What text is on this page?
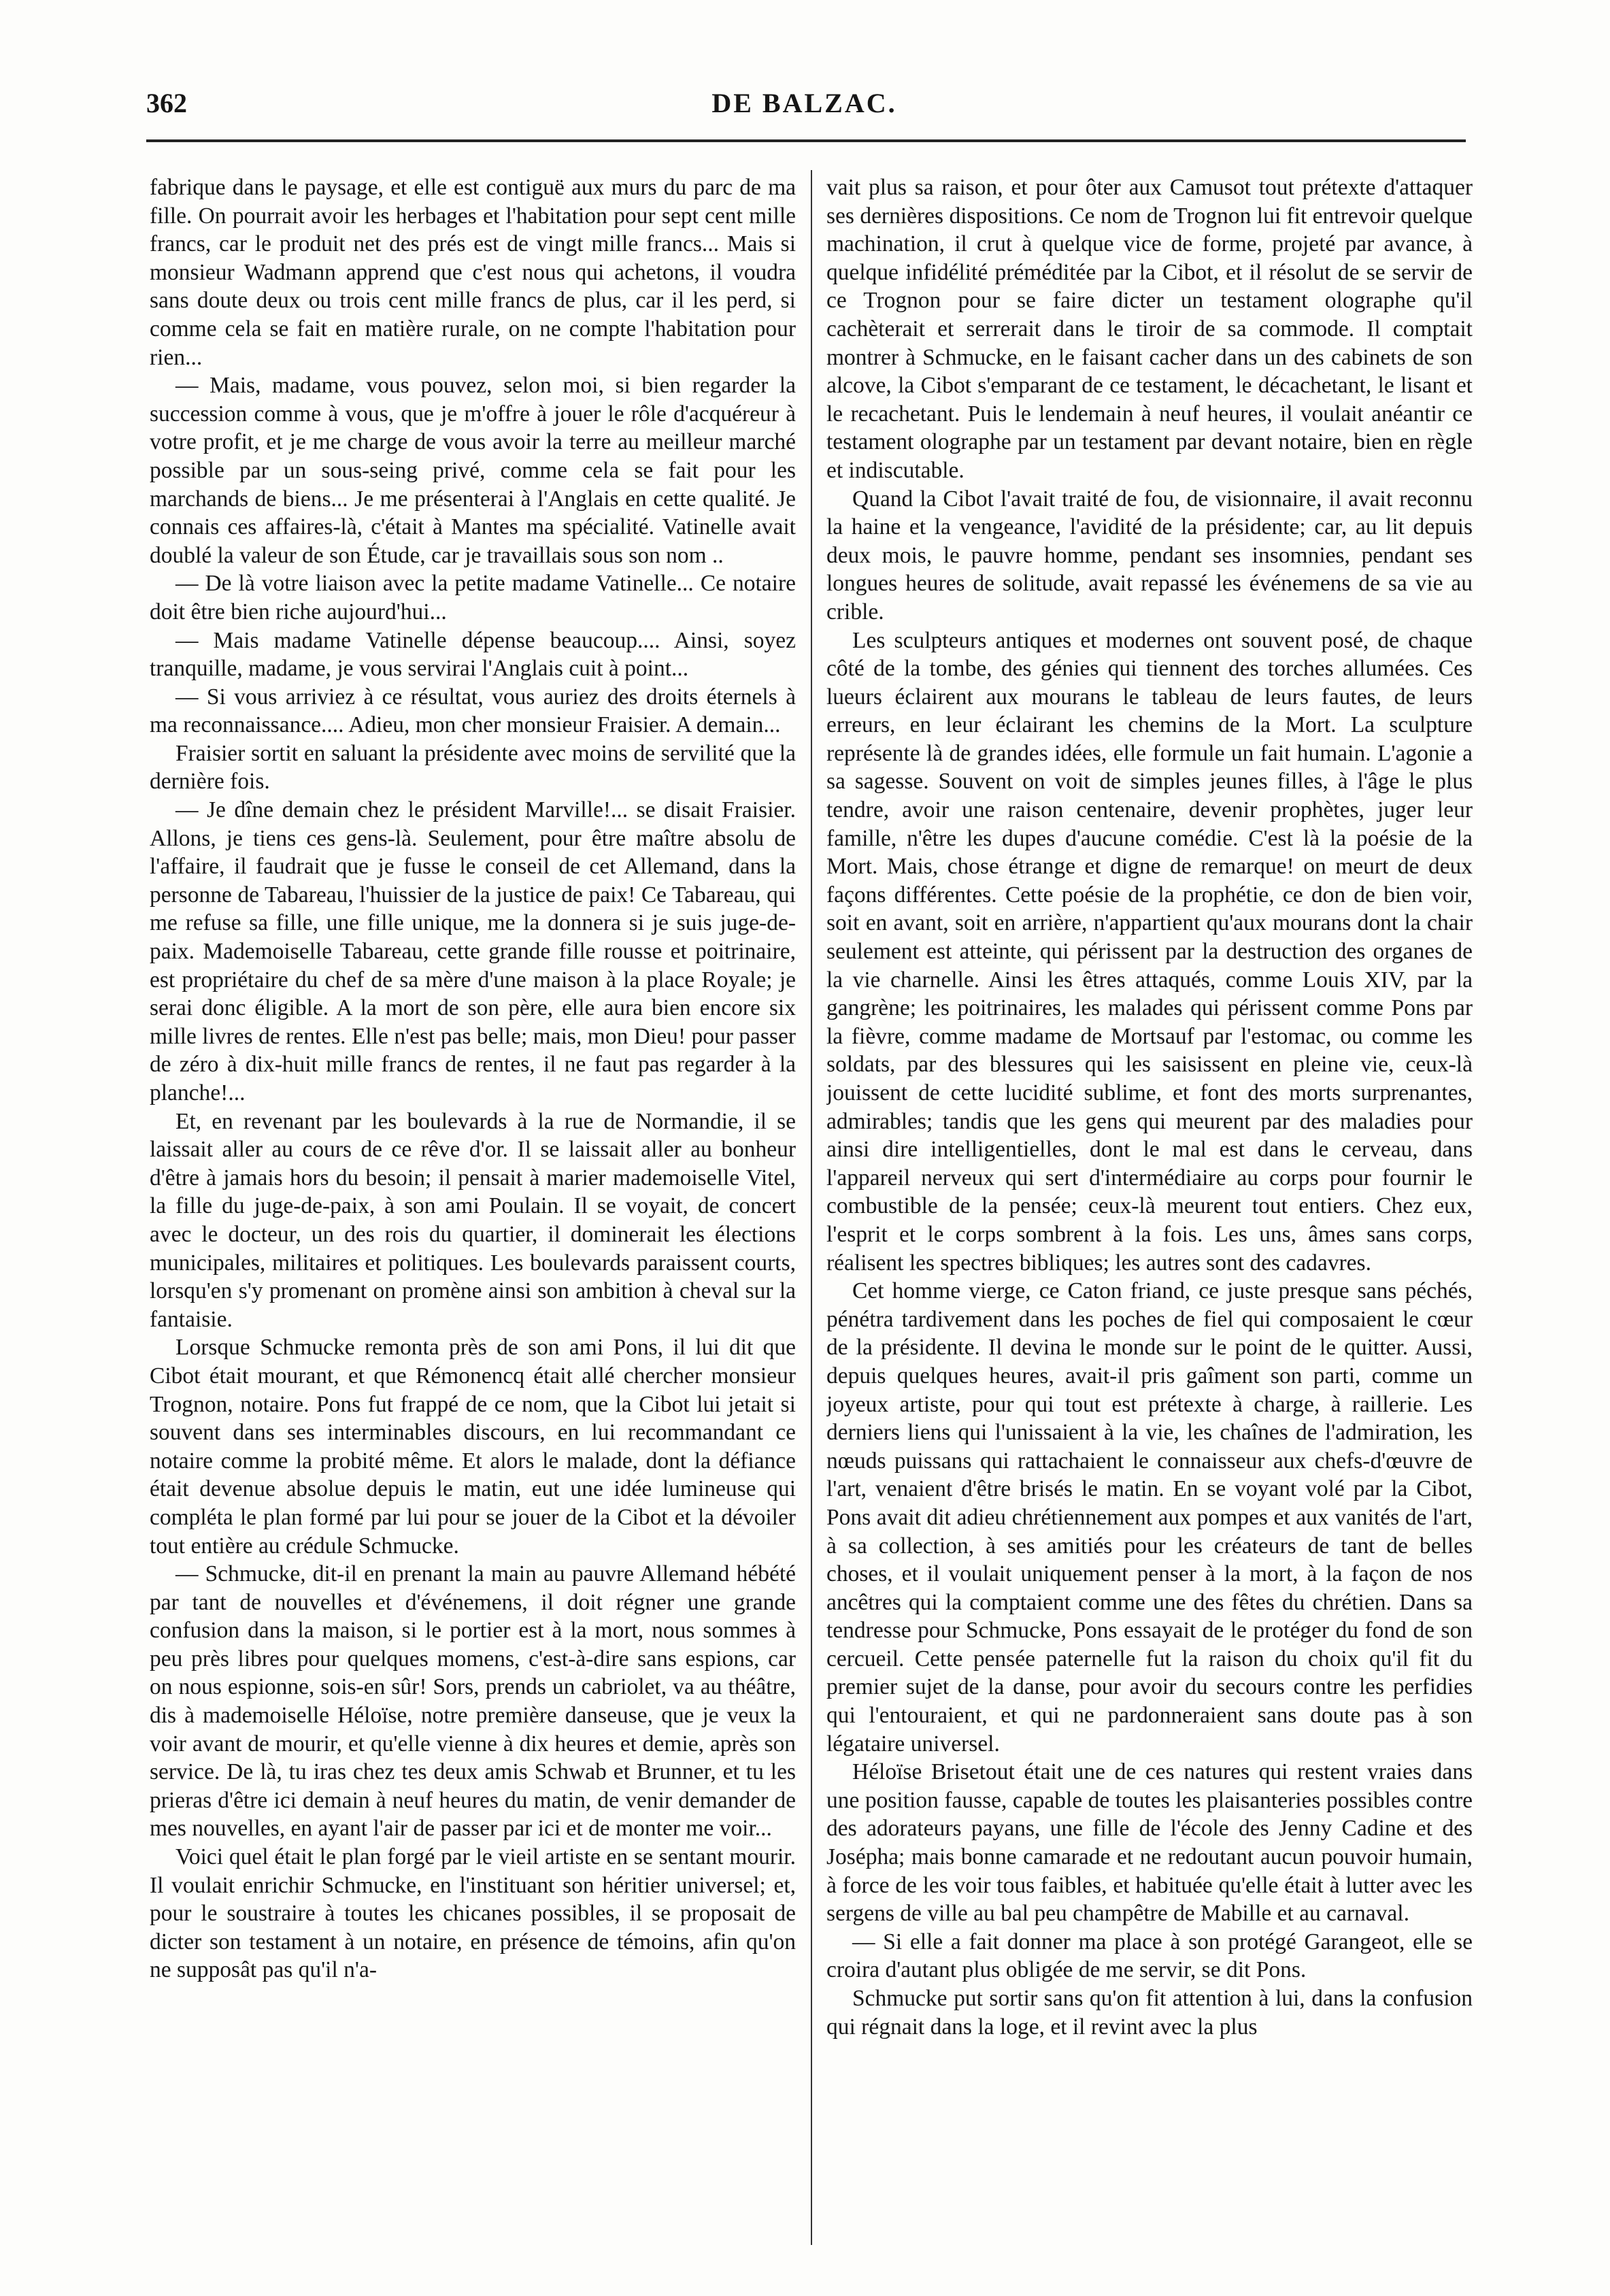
362	DE BALZAC.

fabrique dans le paysage, et elle est contiguë aux murs du parc de ma fille. On pourrait avoir les herbages et l'habitation pour sept cent mille francs, car le produit net des prés est de vingt mille francs... Mais si monsieur Wadmann apprend que c'est nous qui achetons, il voudra sans doute deux ou trois cent mille francs de plus, car il les perd, si comme cela se fait en matière rurale, on ne compte l'habitation pour rien...

— Mais, madame, vous pouvez, selon moi, si bien regarder la succession comme à vous, que je m'offre à jouer le rôle d'acquéreur à votre profit, et je me charge de vous avoir la terre au meilleur marché possible par un sous-seing privé, comme cela se fait pour les marchands de biens... Je me présenterai à l'Anglais en cette qualité. Je connais ces affaires-là, c'était à Mantes ma spécialité. Vatinelle avait doublé la valeur de son Étude, car je travaillais sous son nom ..

— De là votre liaison avec la petite madame Vatinelle... Ce notaire doit être bien riche aujourd'hui...

— Mais madame Vatinelle dépense beaucoup.... Ainsi, soyez tranquille, madame, je vous servirai l'Anglais cuit à point...

— Si vous arriviez à ce résultat, vous auriez des droits éternels à ma reconnaissance.... Adieu, mon cher monsieur Fraisier. A demain...

Fraisier sortit en saluant la présidente avec moins de servilité que la dernière fois.

— Je dîne demain chez le président Marville!... se disait Fraisier. Allons, je tiens ces gens-là. Seulement, pour être maître absolu de l'affaire, il faudrait que je fusse le conseil de cet Allemand, dans la personne de Tabareau, l'huissier de la justice de paix! Ce Tabareau, qui me refuse sa fille, une fille unique, me la donnera si je suis juge-de-paix. Mademoiselle Tabareau, cette grande fille rousse et poitrinaire, est propriétaire du chef de sa mère d'une maison à la place Royale; je serai donc éligible. A la mort de son père, elle aura bien encore six mille livres de rentes. Elle n'est pas belle; mais, mon Dieu! pour passer de zéro à dix-huit mille francs de rentes, il ne faut pas regarder à la planche!...

Et, en revenant par les boulevards à la rue de Normandie, il se laissait aller au cours de ce rêve d'or. Il se laissait aller au bonheur d'être à jamais hors du besoin; il pensait à marier mademoiselle Vitel, la fille du juge-de-paix, à son ami Poulain. Il se voyait, de concert avec le docteur, un des rois du quartier, il dominerait les élections municipales, militaires et politiques. Les boulevards paraissent courts, lorsqu'en s'y promenant on promène ainsi son ambition à cheval sur la fantaisie.

Lorsque Schmucke remonta près de son ami Pons, il lui dit que Cibot était mourant, et que Rémonencq était allé chercher monsieur Trognon, notaire. Pons fut frappé de ce nom, que la Cibot lui jetait si souvent dans ses interminables discours, en lui recommandant ce notaire comme la probité même. Et alors le malade, dont la défiance était devenue absolue depuis le matin, eut une idée lumineuse qui compléta le plan formé par lui pour se jouer de la Cibot et la dévoiler tout entière au crédule Schmucke.

— Schmucke, dit-il en prenant la main au pauvre Allemand hébété par tant de nouvelles et d'événemens, il doit régner une grande confusion dans la maison, si le portier est à la mort, nous sommes à peu près libres pour quelques momens, c'est-à-dire sans espions, car on nous espionne, sois-en sûr! Sors, prends un cabriolet, va au théâtre, dis à mademoiselle Héloïse, notre première danseuse, que je veux la voir avant de mourir, et qu'elle vienne à dix heures et demie, après son service. De là, tu iras chez tes deux amis Schwab et Brunner, et tu les prieras d'être ici demain à neuf heures du matin, de venir demander de mes nouvelles, en ayant l'air de passer par ici et de monter me voir...

Voici quel était le plan forgé par le vieil artiste en se sentant mourir. Il voulait enrichir Schmucke, en l'instituant son héritier universel; et, pour le soustraire à toutes les chicanes possibles, il se proposait de dicter son testament à un notaire, en présence de témoins, afin qu'on ne supposât pas qu'il n'a-

vait plus sa raison, et pour ôter aux Camusot tout prétexte d'attaquer ses dernières dispositions. Ce nom de Trognon lui fit entrevoir quelque machination, il crut à quelque vice de forme, projeté par avance, à quelque infidélité préméditée par la Cibot, et il résolut de se servir de ce Trognon pour se faire dicter un testament olographe qu'il cachèterait et serrerait dans le tiroir de sa commode. Il comptait montrer à Schmucke, en le faisant cacher dans un des cabinets de son alcove, la Cibot s'emparant de ce testament, le décachetant, le lisant et le recachetant. Puis le lendemain à neuf heures, il voulait anéantir ce testament olographe par un testament par devant notaire, bien en règle et indiscutable.

Quand la Cibot l'avait traité de fou, de visionnaire, il avait reconnu la haine et la vengeance, l'avidité de la présidente; car, au lit depuis deux mois, le pauvre homme, pendant ses insomnies, pendant ses longues heures de solitude, avait repassé les événemens de sa vie au crible.

Les sculpteurs antiques et modernes ont souvent posé, de chaque côté de la tombe, des génies qui tiennent des torches allumées. Ces lueurs éclairent aux mourans le tableau de leurs fautes, de leurs erreurs, en leur éclairant les chemins de la Mort. La sculpture représente là de grandes idées, elle formule un fait humain. L'agonie a sa sagesse. Souvent on voit de simples jeunes filles, à l'âge le plus tendre, avoir une raison centenaire, devenir prophètes, juger leur famille, n'être les dupes d'aucune comédie. C'est là la poésie de la Mort. Mais, chose étrange et digne de remarque! on meurt de deux façons différentes. Cette poésie de la prophétie, ce don de bien voir, soit en avant, soit en arrière, n'appartient qu'aux mourans dont la chair seulement est atteinte, qui périssent par la destruction des organes de la vie charnelle. Ainsi les êtres attaqués, comme Louis XIV, par la gangrène; les poitrinaires, les malades qui périssent comme Pons par la fièvre, comme madame de Mortsauf par l'estomac, ou comme les soldats, par des blessures qui les saisissent en pleine vie, ceux-là jouissent de cette lucidité sublime, et font des morts surprenantes, admirables; tandis que les gens qui meurent par des maladies pour ainsi dire intelligentielles, dont le mal est dans le cerveau, dans l'appareil nerveux qui sert d'intermédiaire au corps pour fournir le combustible de la pensée; ceux-là meurent tout entiers. Chez eux, l'esprit et le corps sombrent à la fois. Les uns, âmes sans corps, réalisent les spectres bibliques; les autres sont des cadavres.

Cet homme vierge, ce Caton friand, ce juste presque sans péchés, pénétra tardivement dans les poches de fiel qui composaient le cœur de la présidente. Il devina le monde sur le point de le quitter. Aussi, depuis quelques heures, avait-il pris gaîment son parti, comme un joyeux artiste, pour qui tout est prétexte à charge, à raillerie. Les derniers liens qui l'unissaient à la vie, les chaînes de l'admiration, les nœuds puissans qui rattachaient le connaisseur aux chefs-d'œuvre de l'art, venaient d'être brisés le matin. En se voyant volé par la Cibot, Pons avait dit adieu chrétiennement aux pompes et aux vanités de l'art, à sa collection, à ses amitiés pour les créateurs de tant de belles choses, et il voulait uniquement penser à la mort, à la façon de nos ancêtres qui la comptaient comme une des fêtes du chrétien. Dans sa tendresse pour Schmucke, Pons essayait de le protéger du fond de son cercueil. Cette pensée paternelle fut la raison du choix qu'il fit du premier sujet de la danse, pour avoir du secours contre les perfidies qui l'entouraient, et qui ne pardonneraient sans doute pas à son légataire universel.

Héloïse Brisetout était une de ces natures qui restent vraies dans une position fausse, capable de toutes les plaisanteries possibles contre des adorateurs payans, une fille de l'école des Jenny Cadine et des Josépha; mais bonne camarade et ne redoutant aucun pouvoir humain, à force de les voir tous faibles, et habituée qu'elle était à lutter avec les sergens de ville au bal peu champêtre de Mabille et au carnaval.

— Si elle a fait donner ma place à son protégé Garangeot, elle se croira d'autant plus obligée de me servir, se dit Pons.

Schmucke put sortir sans qu'on fit attention à lui, dans la confusion qui régnait dans la loge, et il revint avec la plus
